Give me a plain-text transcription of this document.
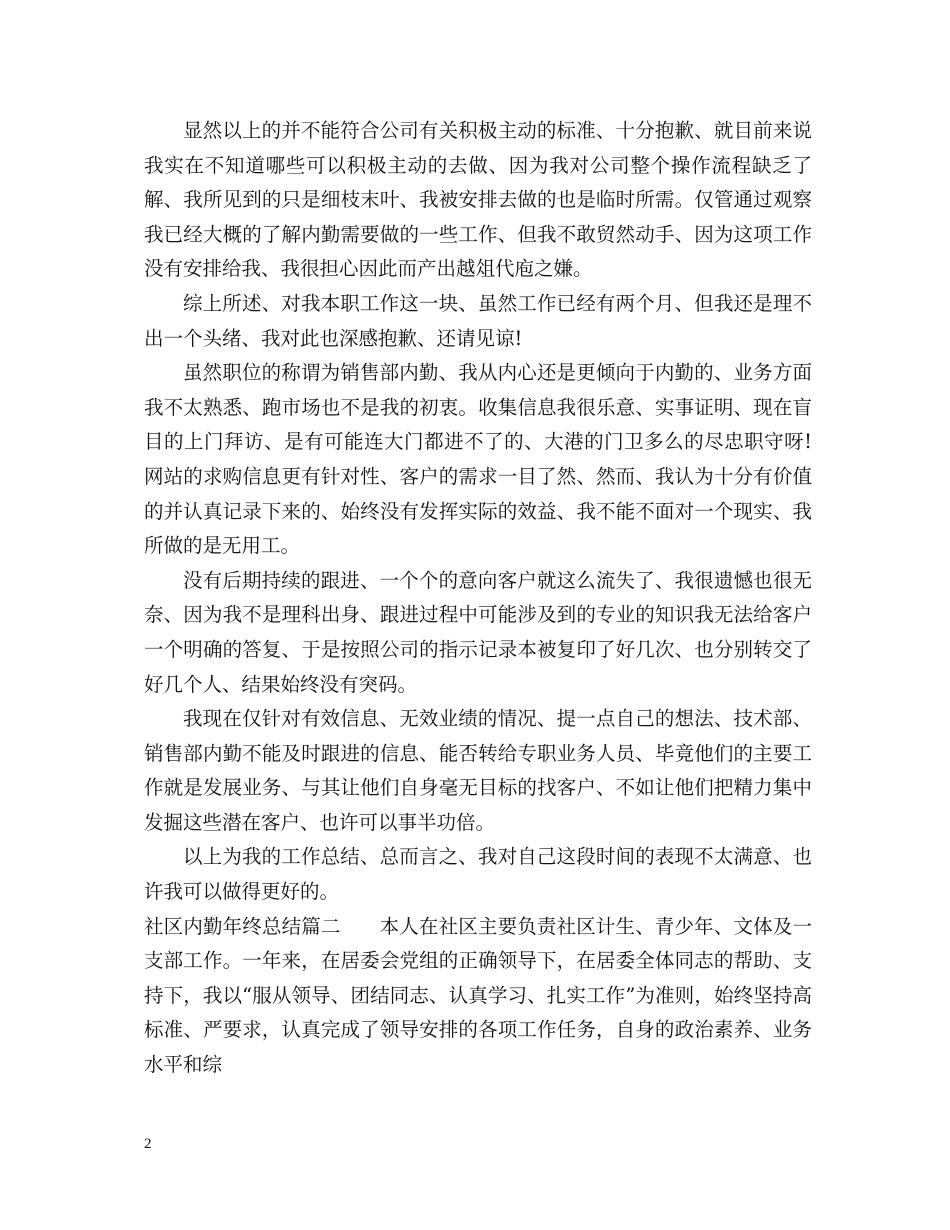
显然以上的并不能符合公司有关积极主动的标准、十分抱歉、就目前来说我实在不知道哪些可以积极主动的去做、因为我对公司整个操作流程缺乏了解、我所见到的只是细枝末叶、我被安排去做的也是临时所需。仅管通过观察我已经大概的了解内勤需要做的一些工作、但我不敢贸然动手、因为这项工作没有安排给我、我很担心因此而产出越俎代庖之嫌。

综上所述、对我本职工作这一块、虽然工作已经有两个月、但我还是理不出一个头绪、我对此也深感抱歉、还请见谅!

虽然职位的称谓为销售部内勤、我从内心还是更倾向于内勤的、业务方面我不太熟悉、跑市场也不是我的初衷。收集信息我很乐意、实事证明、现在盲目的上门拜访、是有可能连大门都进不了的、大港的门卫多么的尽忠职守呀!网站的求购信息更有针对性、客户的需求一目了然、然而、我认为十分有价值的并认真记录下来的、始终没有发挥实际的效益、我不能不面对一个现实、我所做的是无用工。

没有后期持续的跟进、一个个的意向客户就这么流失了、我很遗憾也很无奈、因为我不是理科出身、跟进过程中可能涉及到的专业的知识我无法给客户一个明确的答复、于是按照公司的指示记录本被复印了好几次、也分别转交了好几个人、结果始终没有突码。

我现在仅针对有效信息、无效业绩的情况、提一点自己的想法、技术部、销售部内勤不能及时跟进的信息、能否转给专职业务人员、毕竟他们的主要工作就是发展业务、与其让他们自身毫无目标的找客户、不如让他们把精力集中发掘这些潜在客户、也许可以事半功倍。

以上为我的工作总结、总而言之、我对自己这段时间的表现不太满意、也许我可以做得更好的。

社区内勤年终总结篇二 本人在社区主要负责社区计生、青少年、文体及一支部工作。一年来，在居委会党组的正确领导下，在居委全体同志的帮助、支持下，我以“服从领导、团结同志、认真学习、扎实工作”为准则，始终坚持高标准、严要求，认真完成了领导安排的各项工作任务，自身的政治素养、业务水平和综

2
